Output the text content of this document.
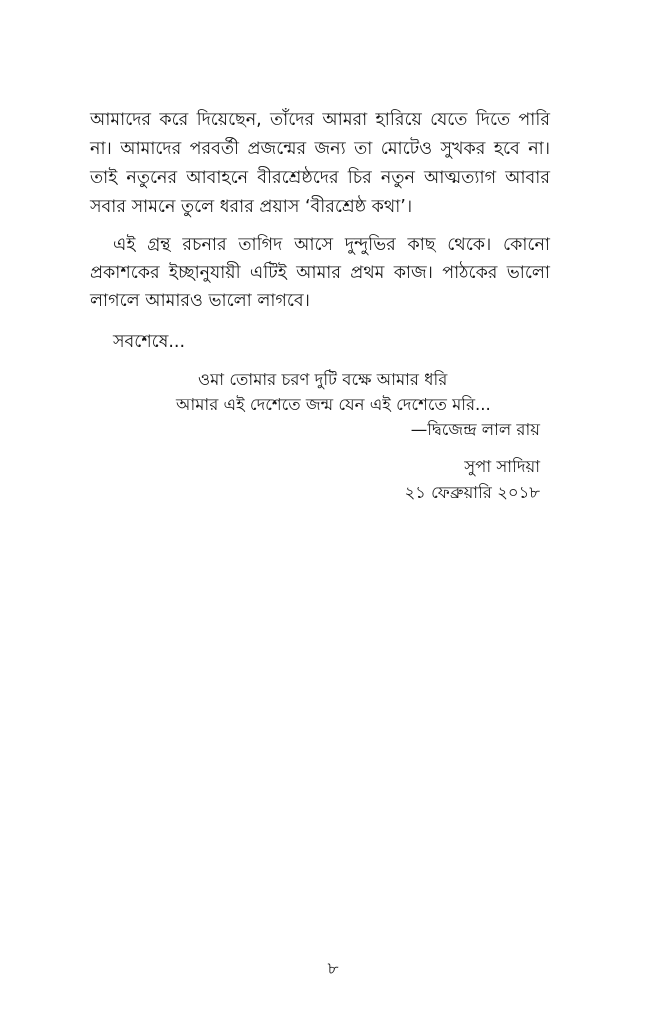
আমাদের করে দিয়েছেন, তাঁদের আমরা হারিয়ে যেতে দিতে পারি
না। আমাদের পরবর্তী প্রজন্মের জন্য তা মোটেও সুখকর হবে না।
তাই নতুনের আবাহনে বীরশ্রেষ্ঠদের চির নতুন আত্মত্যাগ আবার
সবার সামনে তুলে ধরার প্রয়াস ‘বীরশ্রেষ্ঠ কথা’।
এই গ্রন্থ রচনার তাগিদ আসে দুন্দুভির কাছ থেকে। কোনো
প্রকাশকের ইচ্ছানুযায়ী এটিই আমার প্রথম কাজ। পাঠকের ভালো
লাগলে আমারও ভালো লাগবে।
সবশেষে...
ওমা তোমার চরণ দুটি বক্ষে আমার ধরি
আমার এই দেশেতে জন্ম যেন এই দেশেতে মরি...
—দ্বিজেন্দ্র লাল রায়
সুপা সাদিয়া
২১ ফেব্রুয়ারি ২০১৮
৮
